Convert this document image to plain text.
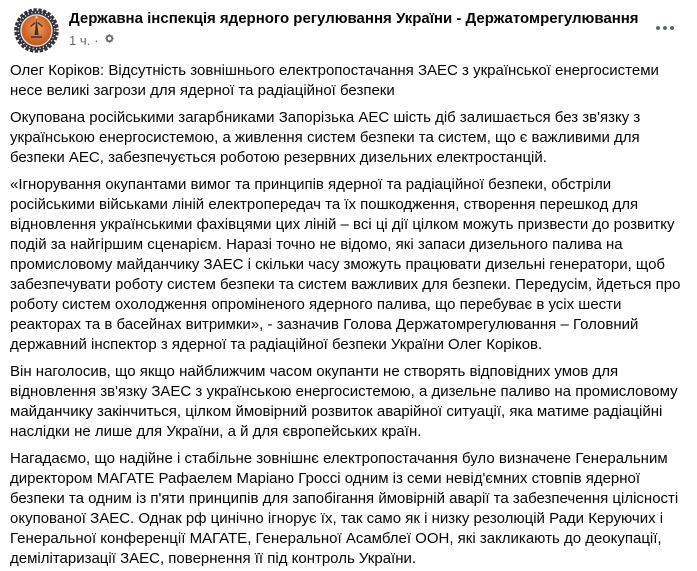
Державна інспекція ядерного регулювання України - Держатомрегулювання
1 ч. ·

Олег Коріков: Відсутність зовнішнього електропостачання ЗАЕС з української енергосистеми несе великі загрози для ядерної та радіаційної безпеки

Окупована російськими загарбниками Запорізька АЕС шість діб залишається без зв'язку з українською енергосистемою, а живлення систем безпеки та систем, що є важливими для безпеки АЕС, забезпечується роботою резервних дизельних електростанцій.

«Ігнорування окупантами вимог та принципів ядерної та радіаційної безпеки, обстріли російськими військами ліній електропередач та їх пошкодження, створення перешкод для відновлення українськими фахівцями цих ліній – всі ці дії цілком можуть призвести до розвитку подій за найгіршим сценарієм. Наразі точно не відомо, які запаси дизельного палива на промисловому майданчику ЗАЕС і скільки часу зможуть працювати дизельні генератори, щоб забезпечувати роботу систем безпеки та систем важливих для безпеки. Передусім, йдеться про роботу систем охолодження опроміненого ядерного палива, що перебуває в усіх шести реакторах та в басейнах витримки», - зазначив Голова Держатомрегулювання – Головний державний інспектор з ядерної та радіаційної безпеки України Олег Коріков.

Він наголосив, що якщо найближчим часом окупанти не створять відповідних умов для відновлення зв'язку ЗАЕС з українською енергосистемою, а дизельне паливо на промисловому майданчику закінчиться, цілком ймовірний розвиток аварійної ситуації, яка матиме радіаційні наслідки не лише для України, а й для європейських країн.

Нагадаємо, що надійне і стабільне зовнішнє електропостачання було визначене Генеральним директором МАГАТЕ Рафаелем Маріано Гроссі одним із семи невід'ємних стовпів ядерної безпеки та одним із п'яти принципів для запобігання ймовірній аварії та забезпечення цілісності окупованої ЗАЕС. Однак рф цинічно ігнорує їх, так само як і низку резолюцій Ради Керуючих і Генеральної конференції МАГАТЕ, Генеральної Асамблеї ООН, які закликають до деокупації, демілітаризації ЗАЕС, повернення її під контроль України.
